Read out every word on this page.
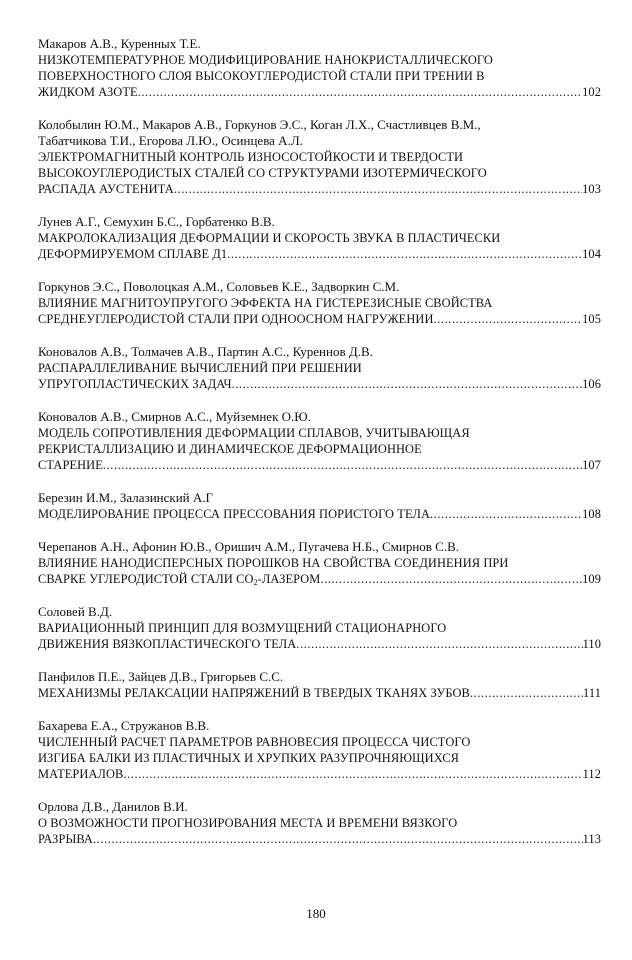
Макаров А.В., Куренных Т.Е.
НИЗКОТЕМПЕРАТУРНОЕ МОДИФИЦИРОВАНИЕ НАНОКРИСТАЛЛИЧЕСКОГО
ПОВЕРХНОСТНОГО СЛОЯ ВЫСОКОУГЛЕРОДИСТОЙ СТАЛИ ПРИ ТРЕНИИ В
ЖИДКОМ АЗОТЕ .....	102
Колобылин Ю.М., Макаров А.В., Горкунов Э.С., Коган Л.Х., Счастливцев В.М.,
Табатчикова Т.И., Егорова Л.Ю., Осинцева А.Л.
ЭЛЕКТРОМАГНИТНЫЙ КОНТРОЛЬ ИЗНОСОСТОЙКОСТИ И ТВЕРДОСТИ
ВЫСОКОУГЛЕРОДИСТЫХ СТАЛЕЙ СО СТРУКТУРАМИ ИЗОТЕРМИЧЕСКОГО
РАСПАДА АУСТЕНИТА .....	103
Лунев А.Г., Семухин Б.С., Горбатенко В.В.
МАКРОЛОКАЛИЗАЦИЯ ДЕФОРМАЦИИ И СКОРОСТЬ ЗВУКА В ПЛАСТИЧЕСКИ
ДЕФОРМИРУЕМОМ СПЛАВЕ Д1 .....	104
Горкунов Э.С., Поволоцкая А.М., Соловьев К.Е., Задворкин С.М.
ВЛИЯНИЕ МАГНИТОУПРУГОГО ЭФФЕКТА НА ГИСТЕРЕЗИСНЫЕ СВОЙСТВА
СРЕДНЕУГЛЕРОДИСТОЙ СТАЛИ ПРИ ОДНООСНОМ НАГРУЖЕНИИ .....	105
Коновалов А.В., Толмачев А.В., Партин А.С., Куреннов Д.В.
РАСПАРАЛЛЕЛИВАНИЕ ВЫЧИСЛЕНИЙ ПРИ РЕШЕНИИ
УПРУГОПЛАСТИЧЕСКИХ ЗАДАЧ .....	106
Коновалов А.В., Смирнов А.С., Муйземнек О.Ю.
МОДЕЛЬ СОПРОТИВЛЕНИЯ ДЕФОРМАЦИИ СПЛАВОВ, УЧИТЫВАЮЩАЯ
РЕКРИСТАЛЛИЗАЦИЮ И ДИНАМИЧЕСКОЕ ДЕФОРМАЦИОННОЕ
СТАРЕНИЕ .....	107
Березин И.М., Залазинский А.Г
МОДЕЛИРОВАНИЕ ПРОЦЕССА ПРЕССОВАНИЯ ПОРИСТОГО ТЕЛА .....	108
Черепанов А.Н., Афонин Ю.В., Оришич А.М., Пугачева Н.Б., Смирнов С.В.
ВЛИЯНИЕ НАНОДИСПЕРСНЫХ ПОРОШКОВ НА СВОЙСТВА СОЕДИНЕНИЯ ПРИ
СВАРКЕ УГЛЕРОДИСТОЙ СТАЛИ $CO_2$-ЛАЗЕРОМ .....	109
Соловей В.Д.
ВАРИАЦИОННЫЙ ПРИНЦИП ДЛЯ ВОЗМУЩЕНИЙ СТАЦИОНАРНОГО
ДВИЖЕНИЯ ВЯЗКОПЛАСТИЧЕСКОГО ТЕЛА .....	110
Панфилов П.Е., Зайцев Д.В., Григорьев С.С.
МЕХАНИЗМЫ РЕЛАКСАЦИИ НАПРЯЖЕНИЙ В ТВЕРДЫХ ТКАНЯХ ЗУБОВ .....	111
Бахарева Е.А., Стружанов В.В.
ЧИСЛЕННЫЙ РАСЧЕТ ПАРАМЕТРОВ РАВНОВЕСИЯ ПРОЦЕССА ЧИСТОГО
ИЗГИБА БАЛКИ ИЗ ПЛАСТИЧНЫХ И ХРУПКИХ РАЗУПРОЧНЯЮЩИХСЯ
МАТЕРИАЛОВ .....	112
Орлова Д.В., Данилов В.И.
О ВОЗМОЖНОСТИ ПРОГНОЗИРОВАНИЯ МЕСТА И ВРЕМЕНИ ВЯЗКОГО
РАЗРЫВА .....	113
180
